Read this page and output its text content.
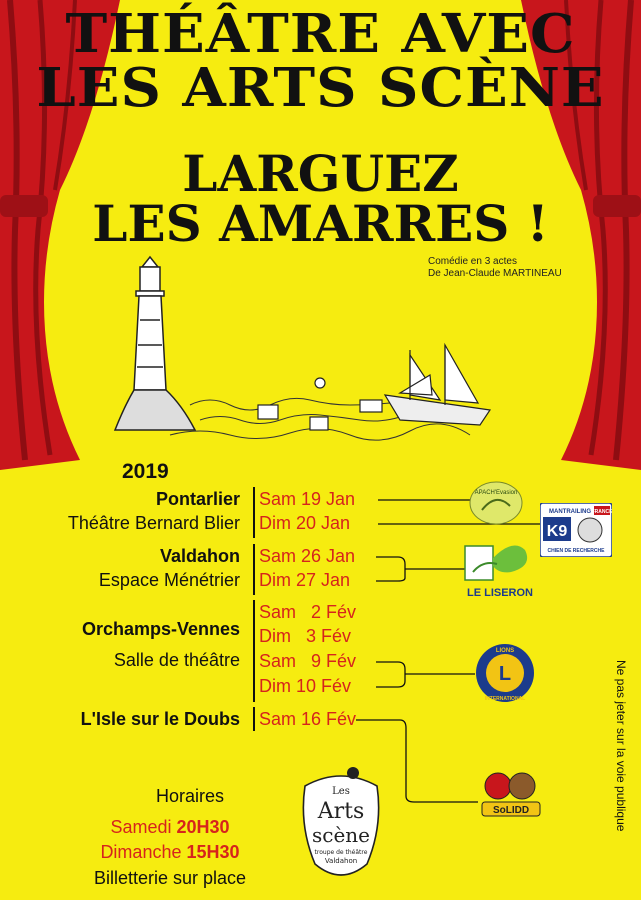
THÉÂTRE AVEC
LES ARTS SCÈNE
LARGUEZ
LES AMARRES !
Comédie en 3 actes
De Jean-Claude MARTINEAU
2019
Pontarlier
Théâtre Bernard Blier
Sam 19 Jan
Dim 20 Jan
Valdahon
Espace Ménétrier
Sam 26 Jan
Dim 27 Jan
Orchamps-Vennes
Salle de théâtre
Sam   2 Fév
Dim   3 Fév
Sam   9 Fév
Dim 10 Fév
L'Isle sur le Doubs Sam 16 Fév
APACH'Evasion
MANTRAILING FRANCE
K9
CHIEN DE RECHERCHE
LE LISERON
L
LIONS
INTERNATIONAL
SoLIDD
Horaires
Samedi 20H30
Dimanche 15H30
Billetterie sur place
Les
Arts
scène
troupe de théâtre
Valdahon
Ne pas jeter sur la voie publique
